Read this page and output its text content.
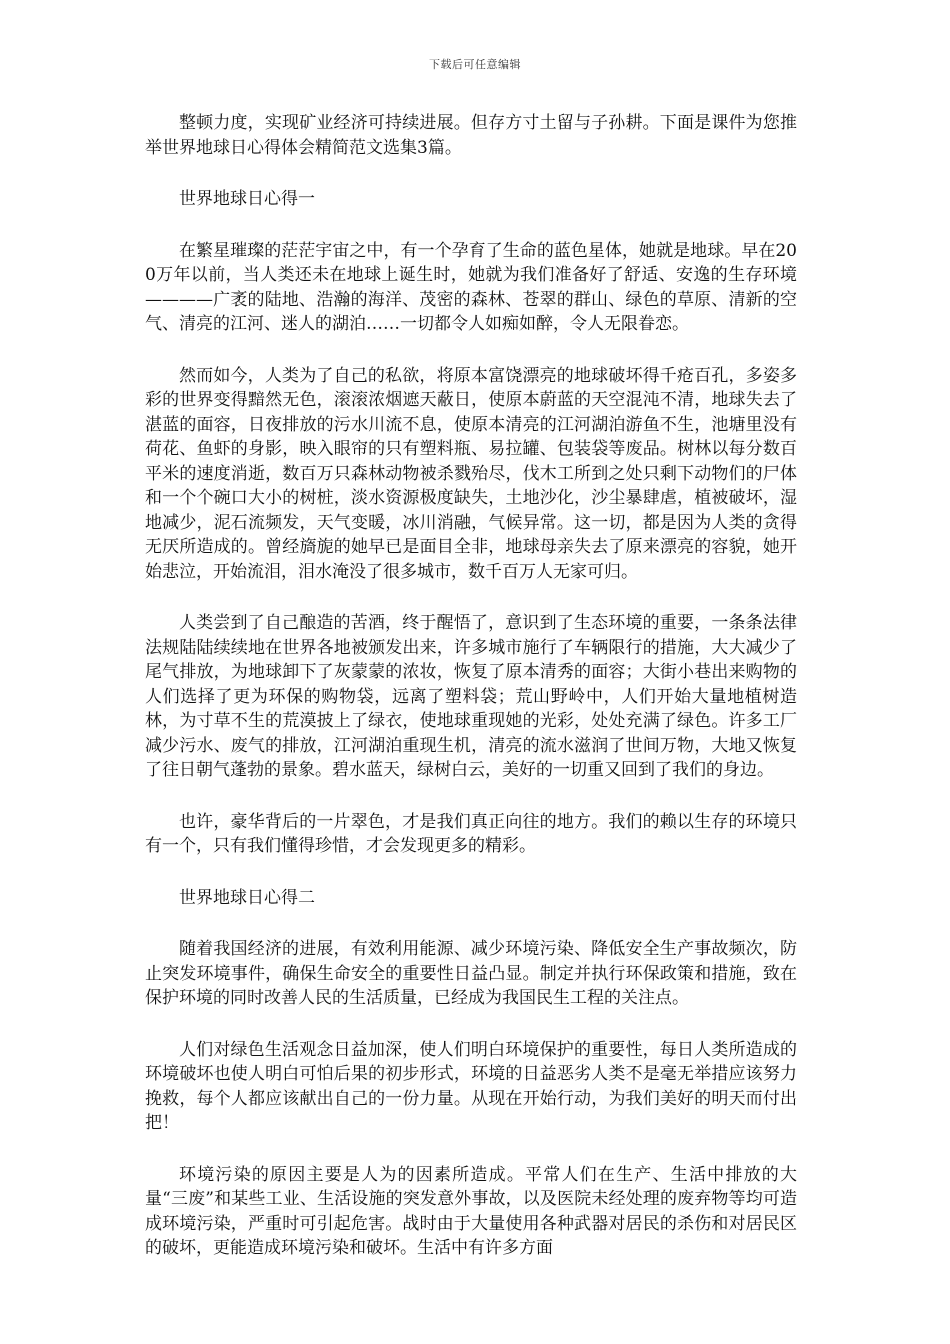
下载后可任意编辑

整顿力度，实现矿业经济可持续进展。但存方寸土留与子孙耕。下面是课件为您推举世界地球日心得体会精简范文选集3篇。

世界地球日心得一

在繁星璀璨的茫茫宇宙之中，有一个孕育了生命的蓝色星体，她就是地球。早在200万年以前，当人类还未在地球上诞生时，她就为我们准备好了舒适、安逸的生存环境————广袤的陆地、浩瀚的海洋、茂密的森林、苍翠的群山、绿色的草原、清新的空气、清亮的江河、迷人的湖泊……一切都令人如痴如醉，令人无限眷恋。

然而如今，人类为了自己的私欲，将原本富饶漂亮的地球破坏得千疮百孔，多姿多彩的世界变得黯然无色，滚滚浓烟遮天蔽日，使原本蔚蓝的天空混沌不清，地球失去了湛蓝的面容，日夜排放的污水川流不息，使原本清亮的江河湖泊游鱼不生，池塘里没有荷花、鱼虾的身影，映入眼帘的只有塑料瓶、易拉罐、包装袋等废品。树林以每分数百平米的速度消逝，数百万只森林动物被杀戮殆尽，伐木工所到之处只剩下动物们的尸体和一个个碗口大小的树桩，淡水资源极度缺失，土地沙化，沙尘暴肆虐，植被破坏，湿地减少，泥石流频发，天气变暖，冰川消融，气候异常。这一切，都是因为人类的贪得无厌所造成的。曾经旖旎的她早已是面目全非，地球母亲失去了原来漂亮的容貌，她开始悲泣，开始流泪，泪水淹没了很多城市，数千百万人无家可归。

人类尝到了自己酿造的苦酒，终于醒悟了，意识到了生态环境的重要，一条条法律法规陆陆续续地在世界各地被颁发出来，许多城市施行了车辆限行的措施，大大减少了尾气排放，为地球卸下了灰蒙蒙的浓妆，恢复了原本清秀的面容；大街小巷出来购物的人们选择了更为环保的购物袋，远离了塑料袋；荒山野岭中，人们开始大量地植树造林，为寸草不生的荒漠披上了绿衣，使地球重现她的光彩，处处充满了绿色。许多工厂减少污水、废气的排放，江河湖泊重现生机，清亮的流水滋润了世间万物，大地又恢复了往日朝气蓬勃的景象。碧水蓝天，绿树白云，美好的一切重又回到了我们的身边。

也许，豪华背后的一片翠色，才是我们真正向往的地方。我们的赖以生存的环境只有一个，只有我们懂得珍惜，才会发现更多的精彩。

世界地球日心得二

随着我国经济的进展，有效利用能源、减少环境污染、降低安全生产事故频次，防止突发环境事件，确保生命安全的重要性日益凸显。制定并执行环保政策和措施，致在保护环境的同时改善人民的生活质量，已经成为我国民生工程的关注点。

人们对绿色生活观念日益加深，使人们明白环境保护的重要性，每日人类所造成的环境破坏也使人明白可怕后果的初步形式，环境的日益恶劣人类不是毫无举措应该努力挽救，每个人都应该献出自己的一份力量。从现在开始行动，为我们美好的明天而付出把！

环境污染的原因主要是人为的因素所造成。平常人们在生产、生活中排放的大量“三废”和某些工业、生活设施的突发意外事故，以及医院未经处理的废弃物等均可造成环境污染，严重时可引起危害。战时由于大量使用各种武器对居民的杀伤和对居民区的破坏，更能造成环境污染和破坏。生活中有许多方面
